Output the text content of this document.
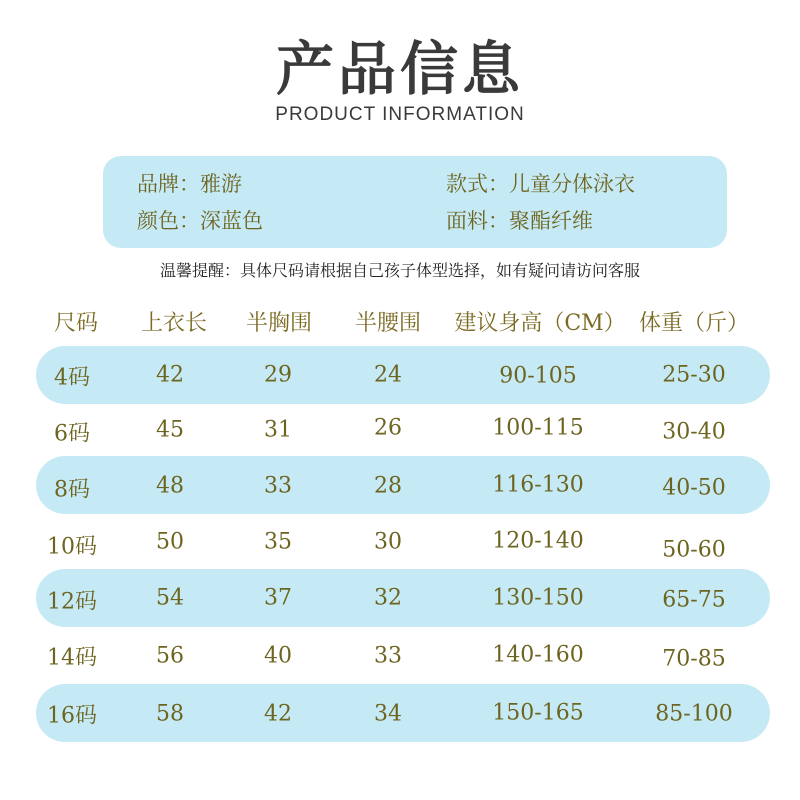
产品信息
PRODUCT INFORMATION
品牌：雅游	款式：儿童分体泳衣
颜色：深蓝色	面料：聚酯纤维
温馨提醒：具体尺码请根据自己孩子体型选择，如有疑问请访问客服
尺码 上衣长 半胸围 半腰围 建议身高（CM） 体重（斤）
4码	42	29	24	90-105	25-30
6码	45	31	26	100-115	30-40
8码	48	33	28	116-130	40-50
10码	50	35	30	120-140	50-60
12码	54	37	32	130-150	65-75
14码	56	40	33	140-160	70-85
16码	58	42	34	150-165	85-100
